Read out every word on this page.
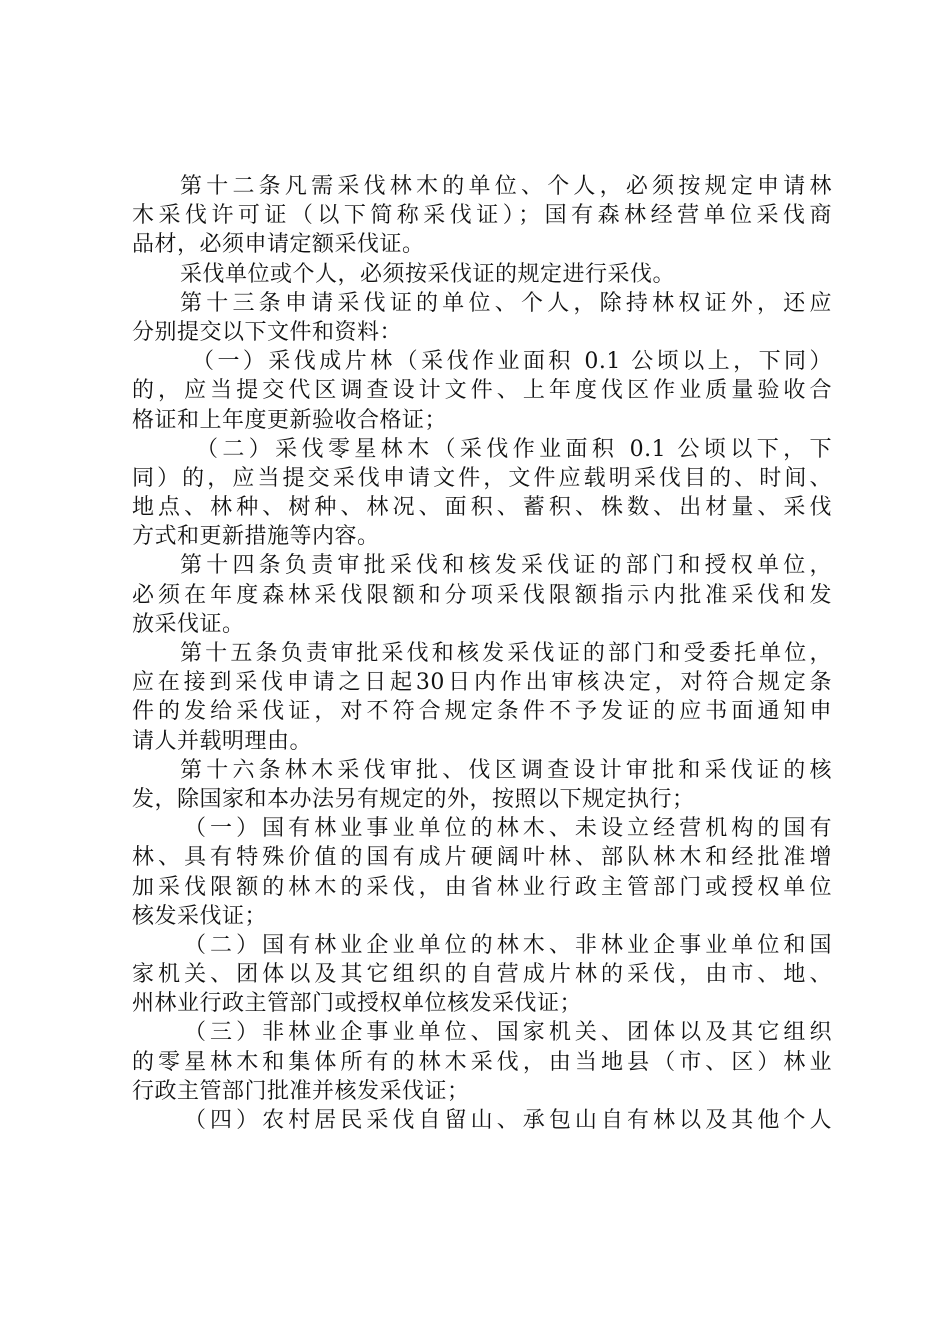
第十二条凡需采伐林木的单位、个人，必须按规定申请林
木采伐许可证（以下简称采伐证）；国有森林经营单位采伐商
品材，必须申请定额采伐证。
采伐单位或个人，必须按采伐证的规定进行采伐。
第十三条申请采伐证的单位、个人，除持林权证外，还应
分别提交以下文件和资料：
（一）采伐成片林（采伐作业面积 0.1 公顷以上，下同）
的，应当提交代区调查设计文件、上年度伐区作业质量验收合
格证和上年度更新验收合格证；
（二）采伐零星林木（采伐作业面积 0.1 公顷以下，下
同）的，应当提交采伐申请文件，文件应载明采伐目的、时间、
地点、林种、树种、林况、面积、蓄积、株数、出材量、采伐
方式和更新措施等内容。
第十四条负责审批采伐和核发采伐证的部门和授权单位，
必须在年度森林采伐限额和分项采伐限额指示内批准采伐和发
放采伐证。
第十五条负责审批采伐和核发采伐证的部门和受委托单位，
应在接到采伐申请之日起30日内作出审核决定，对符合规定条
件的发给采伐证，对不符合规定条件不予发证的应书面通知申
请人并载明理由。
第十六条林木采伐审批、伐区调查设计审批和采伐证的核
发，除国家和本办法另有规定的外，按照以下规定执行；
（一）国有林业事业单位的林木、未设立经营机构的国有
林、具有特殊价值的国有成片硬阔叶林、部队林木和经批准增
加采伐限额的林木的采伐，由省林业行政主管部门或授权单位
核发采伐证；
（二）国有林业企业单位的林木、非林业企事业单位和国
家机关、团体以及其它组织的自营成片林的采伐，由市、地、
州林业行政主管部门或授权单位核发采伐证；
（三）非林业企事业单位、国家机关、团体以及其它组织
的零星林木和集体所有的林木采伐，由当地县（市、区）林业
行政主管部门批准并核发采伐证；
（四）农村居民采伐自留山、承包山自有林以及其他个人
